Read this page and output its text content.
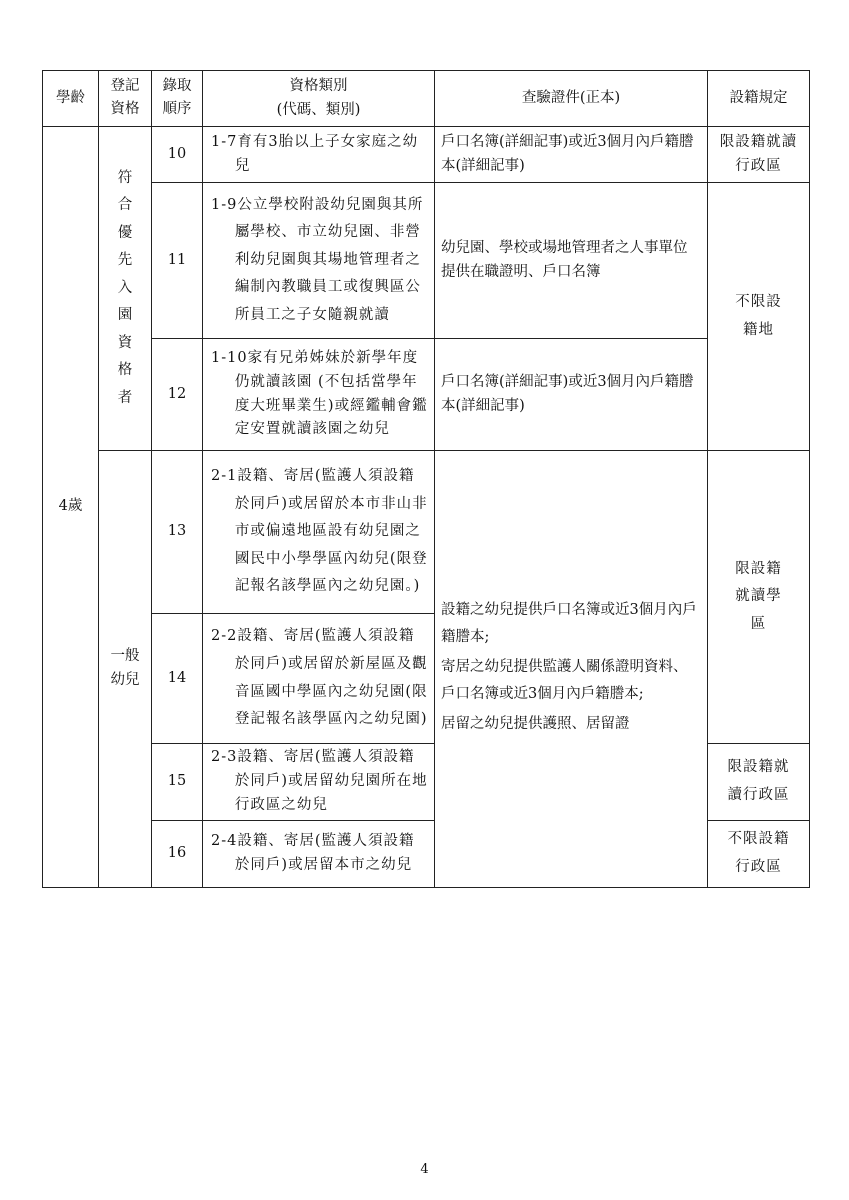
學齡	登記資格	錄取順序	資格類別
(代碼、類別)	查驗證件(正本)	設籍規定
4歲	符合優先入園資格者	10	1-7育有3胎以上子女家庭之幼兒	戶口名簿(詳細記事)或近3個月內戶籍謄本(詳細記事)	限設籍就讀行政區
		11	1-9公立學校附設幼兒園與其所屬學校、市立幼兒園、非營利幼兒園與其場地管理者之編制內教職員工或復興區公所員工之子女隨親就讀	幼兒園、學校或場地管理者之人事單位提供在職證明、戶口名簿	不限設籍地

		12	1-10家有兄弟姊妹於新學年度仍就讀該園 (不包括當學年度大班畢業生)或經鑑輔會鑑定安置就讀該園之幼兒	戶口名簿(詳細記事)或近3個月內戶籍謄本(詳細記事)	
	一般幼兒	13	2-1設籍、寄居(監護人須設籍於同戶)或居留於本市非山非市或偏遠地區設有幼兒園之國民中小學學區內幼兒(限登記報名該學區內之幼兒園。)	設籍之幼兒提供戶口名簿或近3個月內戶籍謄本;

寄居之幼兒提供監護人關係證明資料、戶口名簿或近3個月內戶籍謄本;

居留之幼兒提供護照、居留證	限設籍就讀學區

		14	2-2設籍、寄居(監護人須設籍於同戶)或居留於新屋區及觀音區國中學區內之幼兒園(限登記報名該學區內之幼兒園)		

		15	2-3設籍、寄居(監護人須設籍於同戶)或居留幼兒園所在地行政區之幼兒		限設籍就讀行政區

		16	2-4設籍、寄居(監護人須設籍於同戶)或居留本市之幼兒		不限設籍行政區
4
